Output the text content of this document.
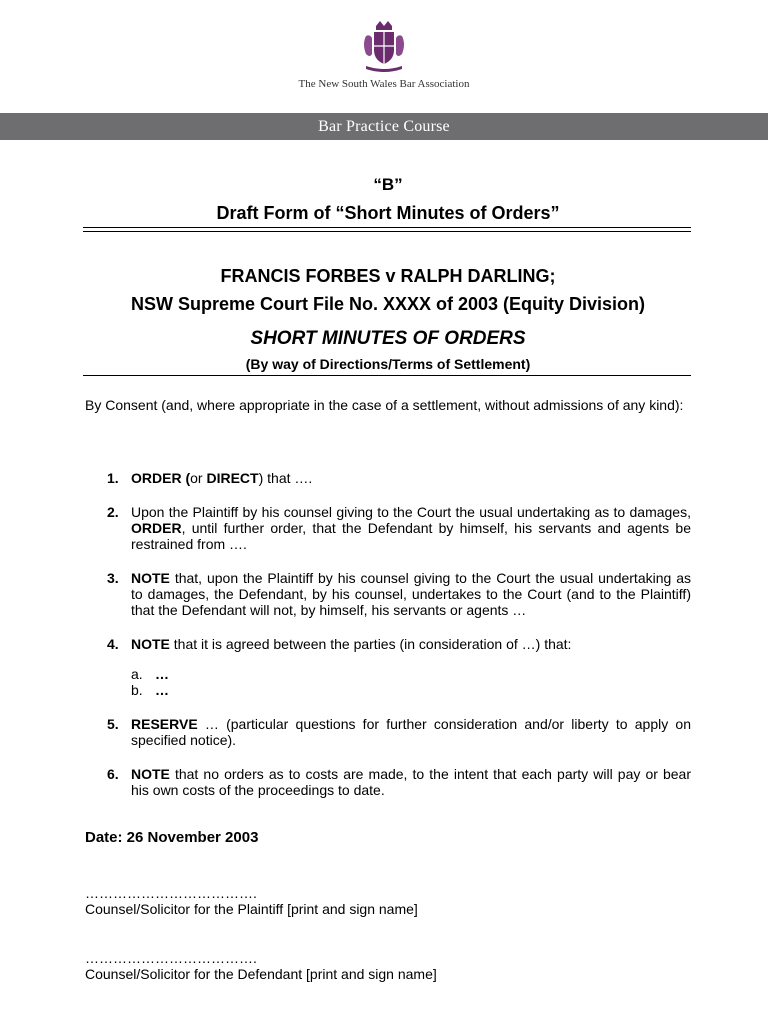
The New South Wales Bar Association
Bar Practice Course
“B”
Draft Form of “Short Minutes of Orders”
FRANCIS FORBES v RALPH DARLING;
NSW Supreme Court File No. XXXX of 2003 (Equity Division)
SHORT MINUTES OF ORDERS
(By way of Directions/Terms of Settlement)
By Consent (and, where appropriate in the case of a settlement, without admissions of any kind):
1. ORDER (or DIRECT) that ….
2. Upon the Plaintiff by his counsel giving to the Court the usual undertaking as to damages, ORDER, until further order, that the Defendant by himself, his servants and agents be restrained from ….
3. NOTE that, upon the Plaintiff by his counsel giving to the Court the usual undertaking as to damages, the Defendant, by his counsel, undertakes to the Court (and to the Plaintiff) that the Defendant will not, by himself, his servants or agents …
4. NOTE that it is agreed between the parties (in consideration of …) that:
a. …
b. …
5. RESERVE … (particular questions for further consideration and/or liberty to apply on specified notice).
6. NOTE that no orders as to costs are made, to the intent that each party will pay or bear his own costs of the proceedings to date.
Date: 26 November 2003
……………………………….
Counsel/Solicitor for the Plaintiff [print and sign name]
……………………………….
Counsel/Solicitor for the Defendant [print and sign name]
